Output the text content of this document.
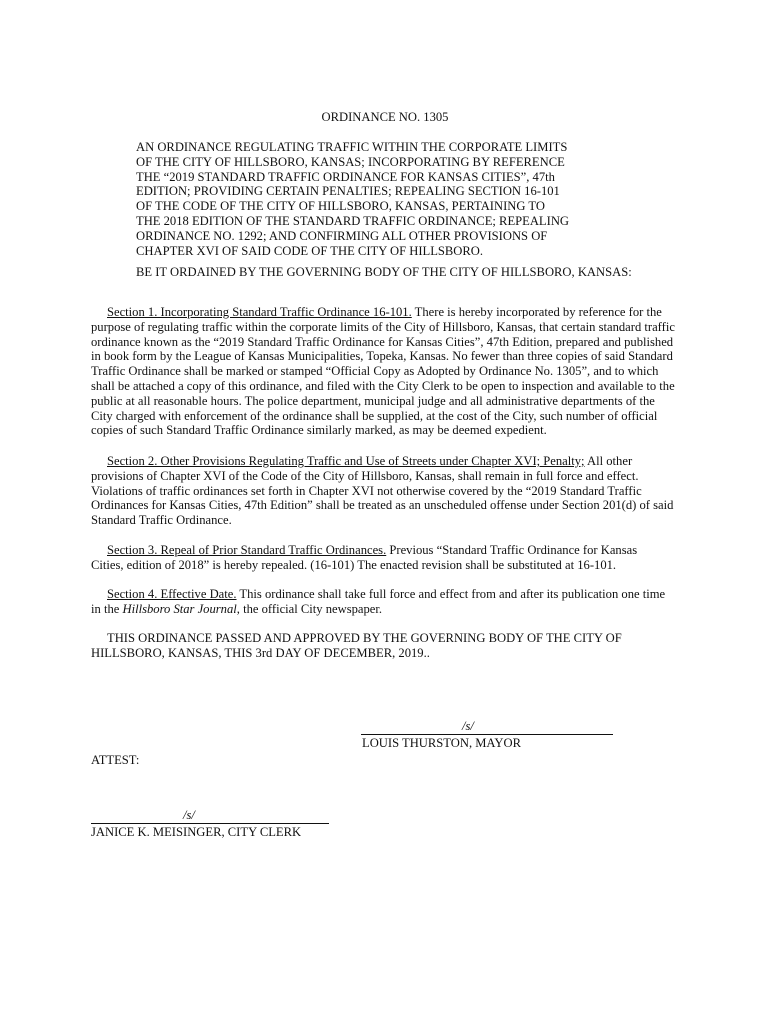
ORDINANCE NO. 1305
AN ORDINANCE REGULATING TRAFFIC WITHIN THE CORPORATE LIMITS
OF THE CITY OF HILLSBORO, KANSAS; INCORPORATING BY REFERENCE
THE “2019 STANDARD TRAFFIC ORDINANCE FOR KANSAS CITIES”, 47th
EDITION; PROVIDING CERTAIN PENALTIES; REPEALING SECTION 16-101
OF THE CODE OF THE CITY OF HILLSBORO, KANSAS, PERTAINING TO
THE 2018 EDITION OF THE STANDARD TRAFFIC ORDINANCE; REPEALING
ORDINANCE NO. 1292; AND CONFIRMING ALL OTHER PROVISIONS OF
CHAPTER XVI OF SAID CODE OF THE CITY OF HILLSBORO.
BE IT ORDAINED BY THE GOVERNING BODY OF THE CITY OF HILLSBORO, KANSAS:
Section 1. Incorporating Standard Traffic Ordinance 16-101. There is hereby incorporated by reference for the
purpose of regulating traffic within the corporate limits of the City of Hillsboro, Kansas, that certain standard traffic
ordinance known as the “2019 Standard Traffic Ordinance for Kansas Cities”, 47th Edition, prepared and published
in book form by the League of Kansas Municipalities, Topeka, Kansas. No fewer than three copies of said Standard
Traffic Ordinance shall be marked or stamped “Official Copy as Adopted by Ordinance No. 1305”, and to which
shall be attached a copy of this ordinance, and filed with the City Clerk to be open to inspection and available to the
public at all reasonable hours. The police department, municipal judge and all administrative departments of the
City charged with enforcement of the ordinance shall be supplied, at the cost of the City, such number of official
copies of such Standard Traffic Ordinance similarly marked, as may be deemed expedient.
Section 2. Other Provisions Regulating Traffic and Use of Streets under Chapter XVI; Penalty; All other
provisions of Chapter XVI of the Code of the City of Hillsboro, Kansas, shall remain in full force and effect.
Violations of traffic ordinances set forth in Chapter XVI not otherwise covered by the “2019 Standard Traffic
Ordinances for Kansas Cities, 47th Edition” shall be treated as an unscheduled offense under Section 201(d) of said
Standard Traffic Ordinance.
Section 3. Repeal of Prior Standard Traffic Ordinances. Previous “Standard Traffic Ordinance for Kansas
Cities, edition of 2018” is hereby repealed. (16-101) The enacted revision shall be substituted at 16-101.
Section 4. Effective Date. This ordinance shall take full force and effect from and after its publication one time
in the Hillsboro Star Journal, the official City newspaper.
THIS ORDINANCE PASSED AND APPROVED BY THE GOVERNING BODY OF THE CITY OF
HILLSBORO, KANSAS, THIS 3rd DAY OF DECEMBER, 2019..
/s/
LOUIS THURSTON, MAYOR
ATTEST:
/s/
JANICE K. MEISINGER, CITY CLERK
